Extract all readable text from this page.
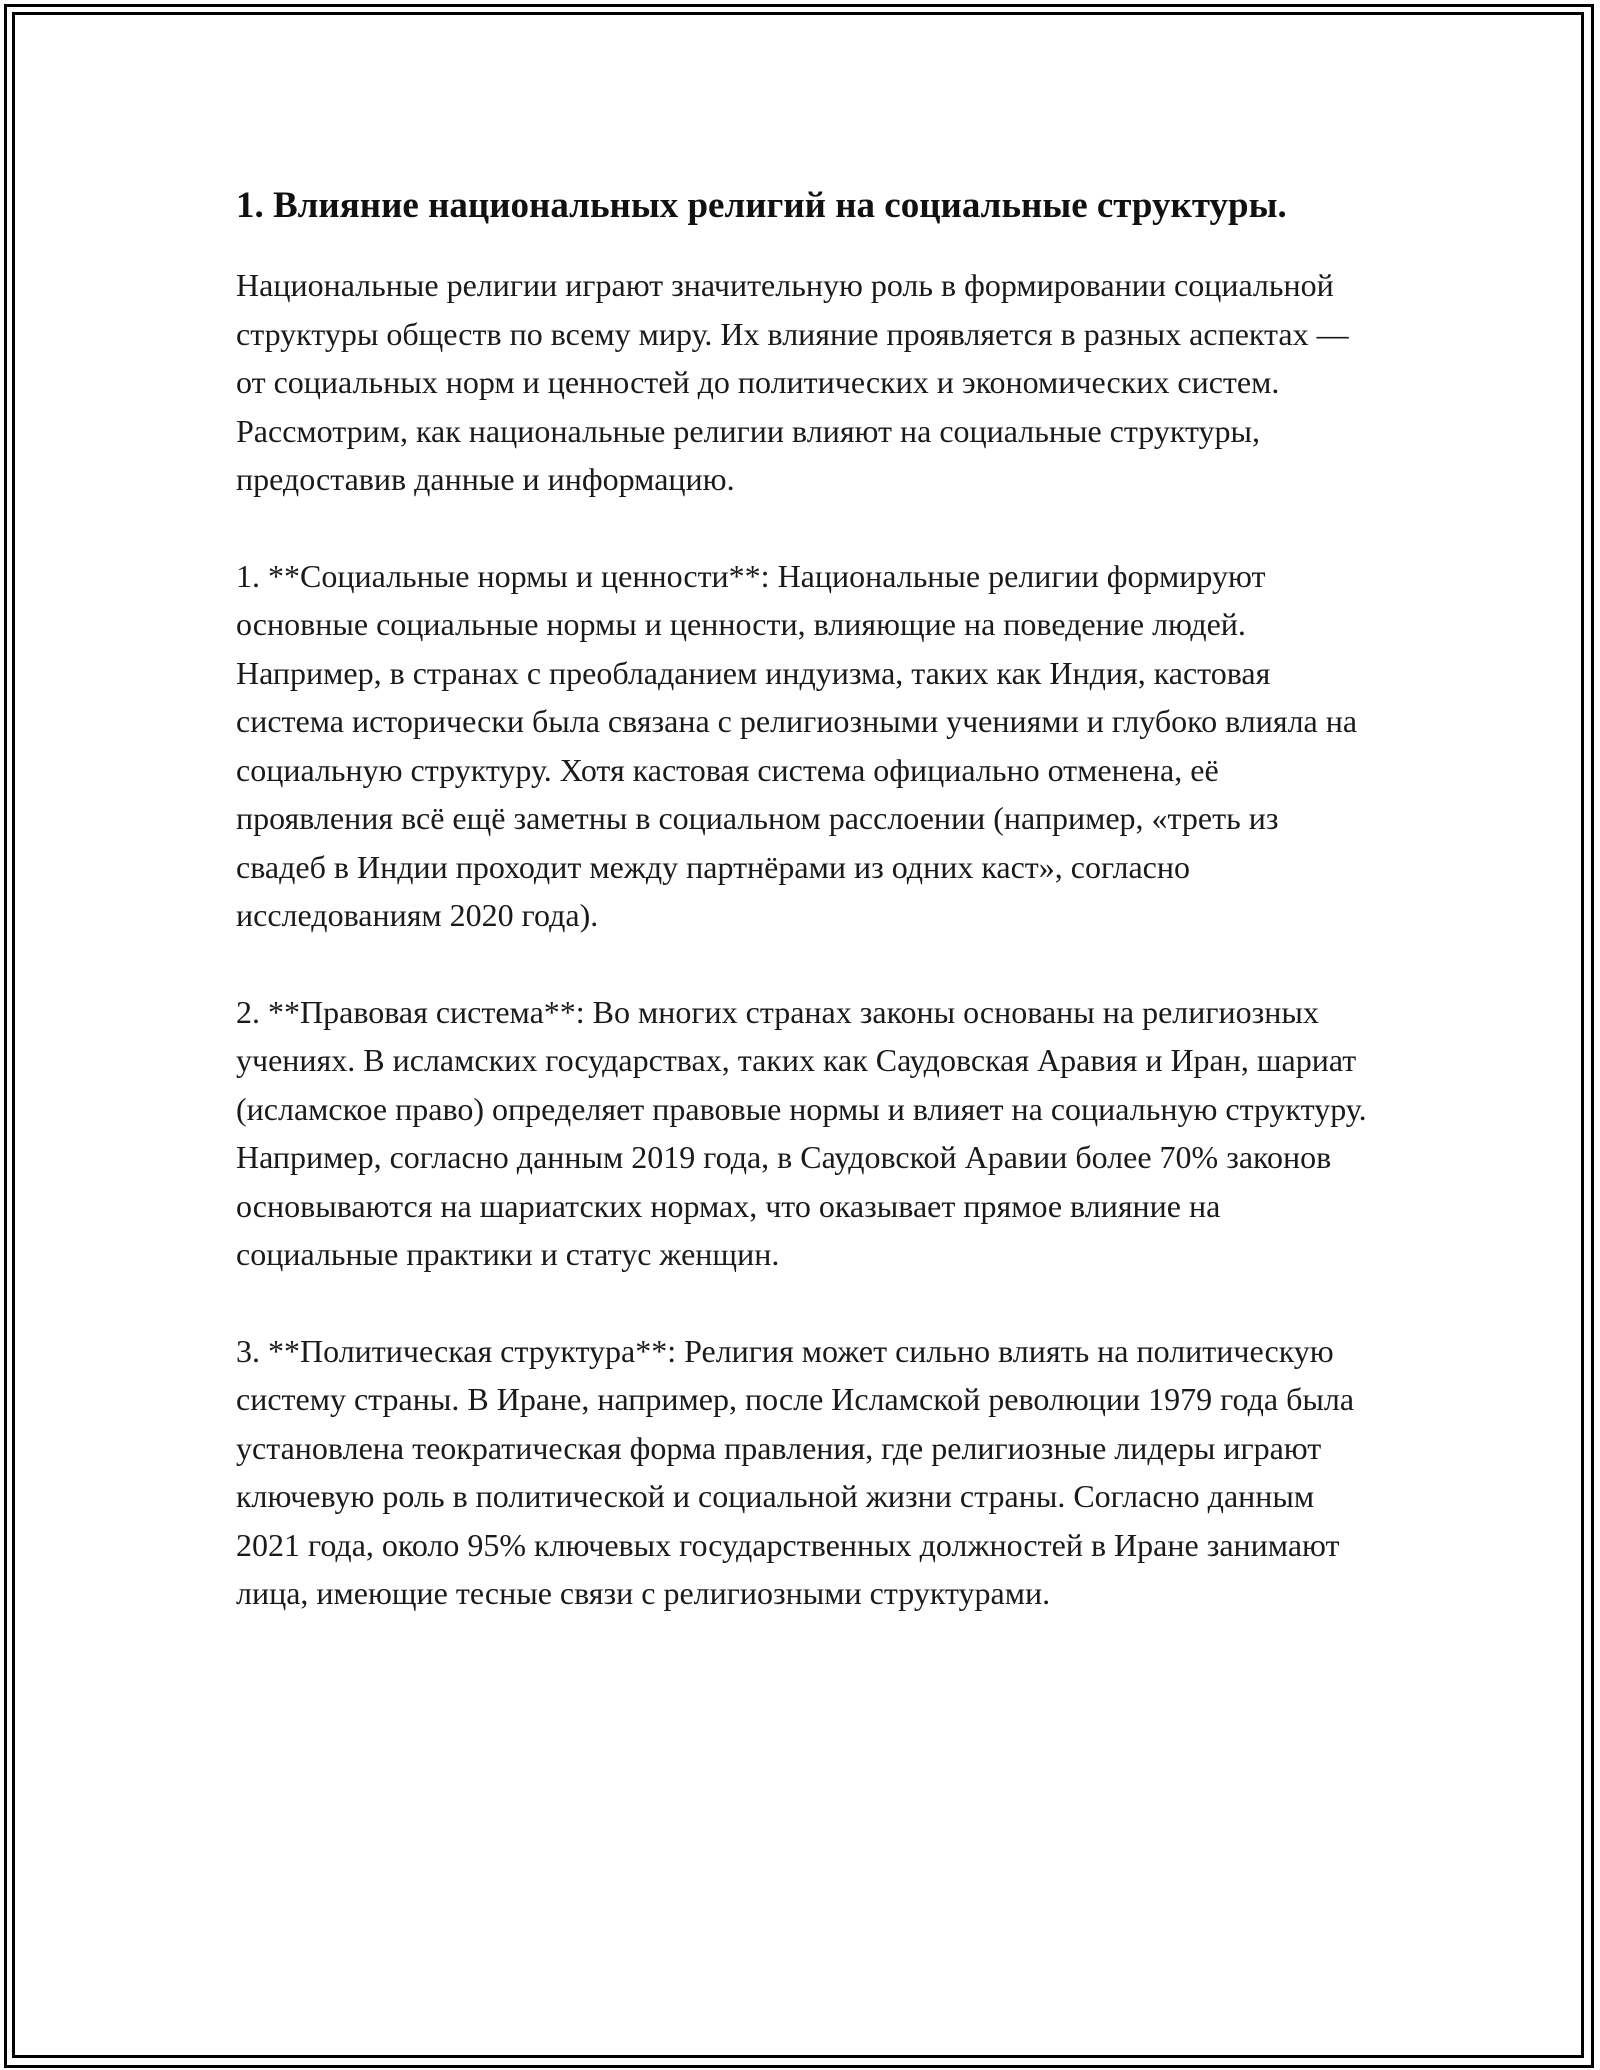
1. Влияние национальных религий на социальные структуры.

Национальные религии играют значительную роль в формировании социальной структуры обществ по всему миру. Их влияние проявляется в разных аспектах — от социальных норм и ценностей до политических и экономических систем. Рассмотрим, как национальные религии влияют на социальные структуры, предоставив данные и информацию.

1. **Социальные нормы и ценности**: Национальные религии формируют основные социальные нормы и ценности, влияющие на поведение людей. Например, в странах с преобладанием индуизма, таких как Индия, кастовая система исторически была связана с религиозными учениями и глубоко влияла на социальную структуру. Хотя кастовая система официально отменена, её проявления всё ещё заметны в социальном расслоении (например, «треть из свадеб в Индии проходит между партнёрами из одних каст», согласно исследованиям 2020 года).

2. **Правовая система**: Во многих странах законы основаны на религиозных учениях. В исламских государствах, таких как Саудовская Аравия и Иран, шариат (исламское право) определяет правовые нормы и влияет на социальную структуру. Например, согласно данным 2019 года, в Саудовской Аравии более 70% законов основываются на шариатских нормах, что оказывает прямое влияние на социальные практики и статус женщин.

3. **Политическая структура**: Религия может сильно влиять на политическую систему страны. В Иране, например, после Исламской революции 1979 года была установлена теократическая форма правления, где религиозные лидеры играют ключевую роль в политической и социальной жизни страны. Согласно данным 2021 года, около 95% ключевых государственных должностей в Иране занимают лица, имеющие тесные связи с религиозными структурами.
